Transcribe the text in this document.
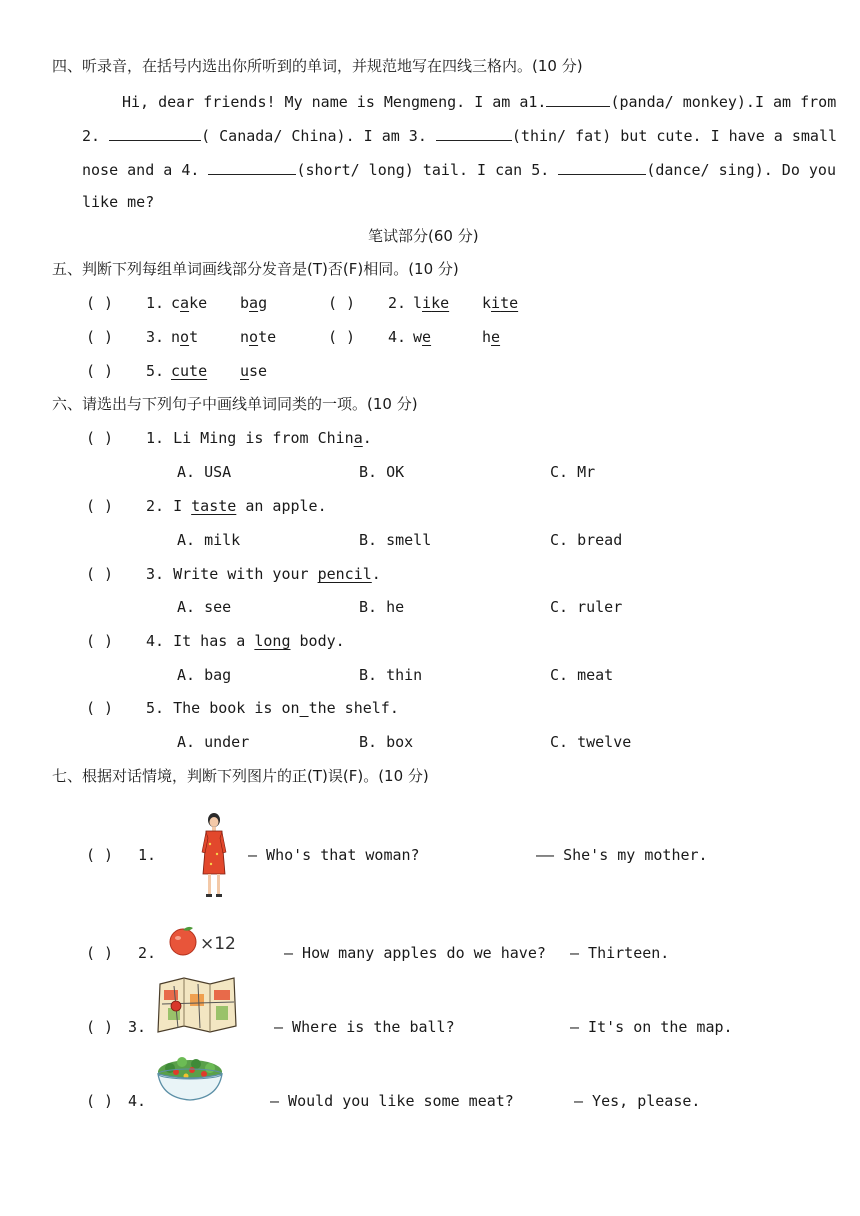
四、听录音，在括号内选出你所听到的单词，并规范地写在四线三格内。(10 分)
Hi, dear friends! My name is Mengmeng. I am a1.	(panda/ monkey).I am from
2.	( Canada/ China). I am 3.	(thin/ fat) but cute. I have a small
nose and a 4.	(short/ long) tail. I can 5.	(dance/ sing). Do you
like me?
笔试部分(60 分)
五、判断下列每组单词画线部分发音是(T)否(F)相同。(10 分)
( ) 1. cake bag	( ) 2. like kite
( ) 3. not	note	( ) 4. we	he
( ) 5. cute use
六、请选出与下列句子中画线单词同类的一项。(10 分)
( ) 1. Li Ming is from China.
A. USA	B. OK	C. Mr
( ) 2. I taste an apple.
A. milk	B. smell	C. bread
( ) 3. Write with your pencil.
A. see	B. he	C. ruler
( ) 4. It has a long body.
A. bag	B. thin	C. meat
( ) 5. The book is on the shelf.
A. under	B. box	C. twelve
七、根据对话情境，判断下列图片的正(T)误(F)。(10 分)
( ) 1.	— Who's that woman?	—— She's my mother.
( ) 2.	×12	— How many apples do we have? — Thirteen.
( ) 3.	— Where is the ball?	— It's on the map.
( ) 4.	— Would you like some meat?	— Yes, please.
